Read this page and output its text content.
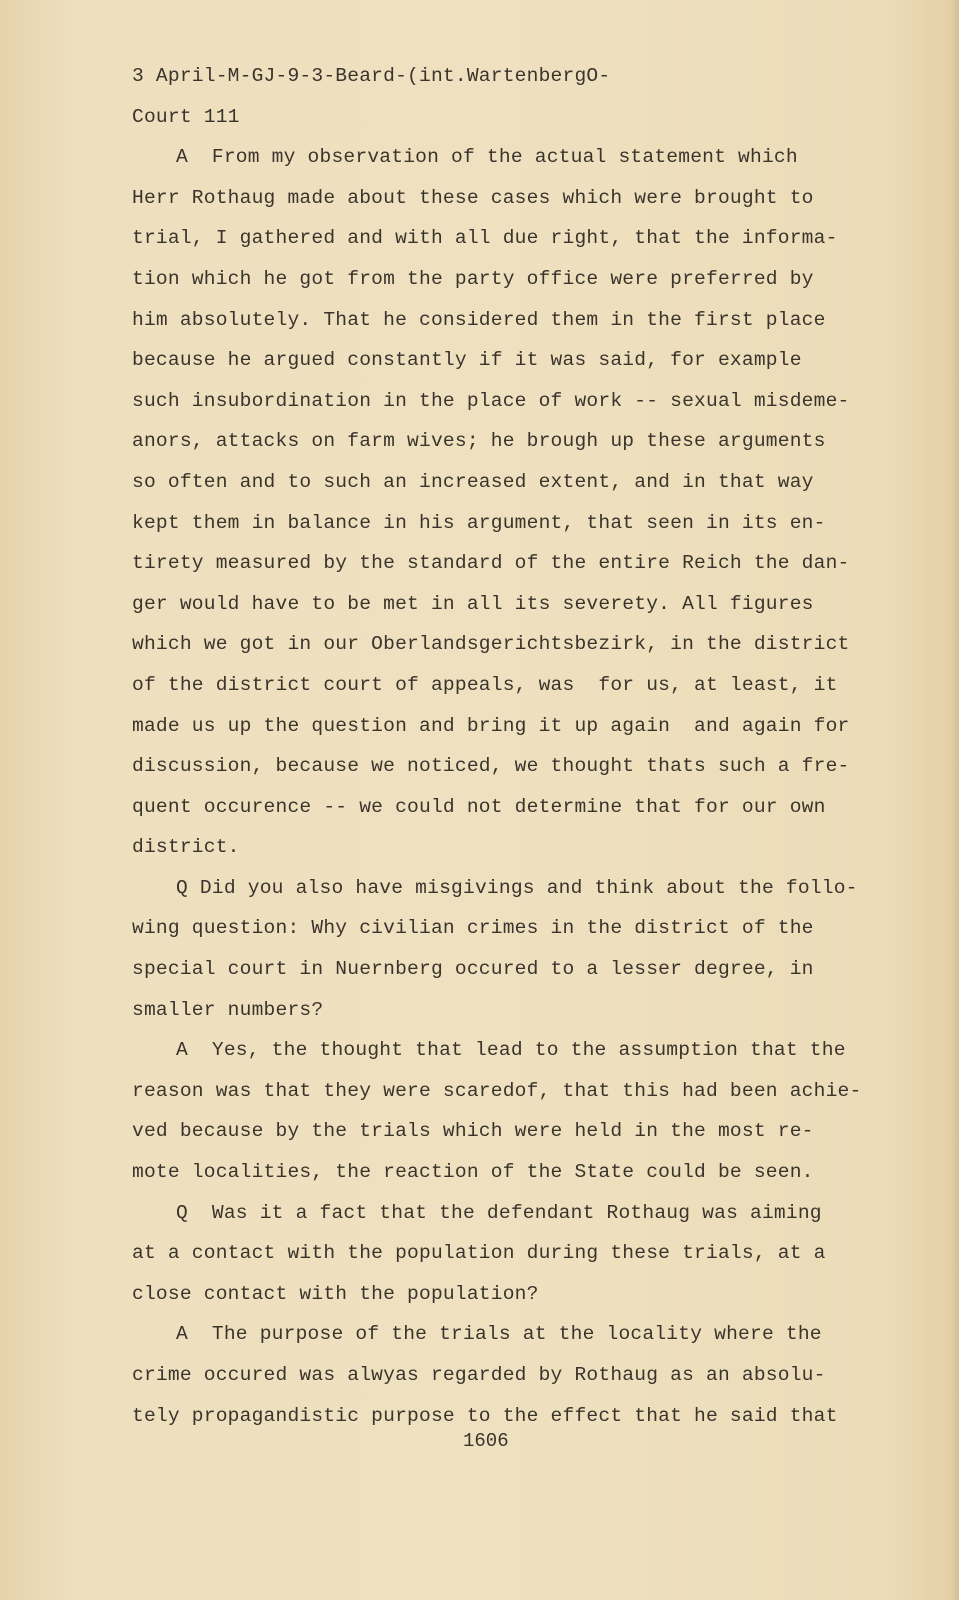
3 April-M-GJ-9-3-Beard-(int.WartenbergO-
Court 111
A  From my observation of the actual statement which
Herr Rothaug made about these cases which were brought to
trial, I gathered and with all due right, that the informa-
tion which he got from the party office were preferred by
him absolutely. That he considered them in the first place
because he argued constantly if it was said, for example
such insubordination in the place of work -- sexual misdeme-
anors, attacks on farm wives; he brough up these arguments
so often and to such an increased extent, and in that way
kept them in balance in his argument, that seen in its en-
tirety measured by the standard of the entire Reich the dan-
ger would have to be met in all its severety. All figures
which we got in our Oberlandsgerichtsbezirk, in the district
of the district court of appeals, was  for us, at least, it
made us up the question and bring it up again  and again for
discussion, because we noticed, we thought thats such a fre-
quent occurence -- we could not determine that for our own
district.
Q Did you also have misgivings and think about the follo-
wing question: Why civilian crimes in the district of the
special court in Nuernberg occured to a lesser degree, in
smaller numbers?
A  Yes, the thought that lead to the assumption that the
reason was that they were scaredof, that this had been achie-
ved because by the trials which were held in the most re-
mote localities, the reaction of the State could be seen.
Q  Was it a fact that the defendant Rothaug was aiming
at a contact with the population during these trials, at a
close contact with the population?
A  The purpose of the trials at the locality where the
crime occured was alwyas regarded by Rothaug as an absolu-
tely propagandistic purpose to the effect that he said that
1606
